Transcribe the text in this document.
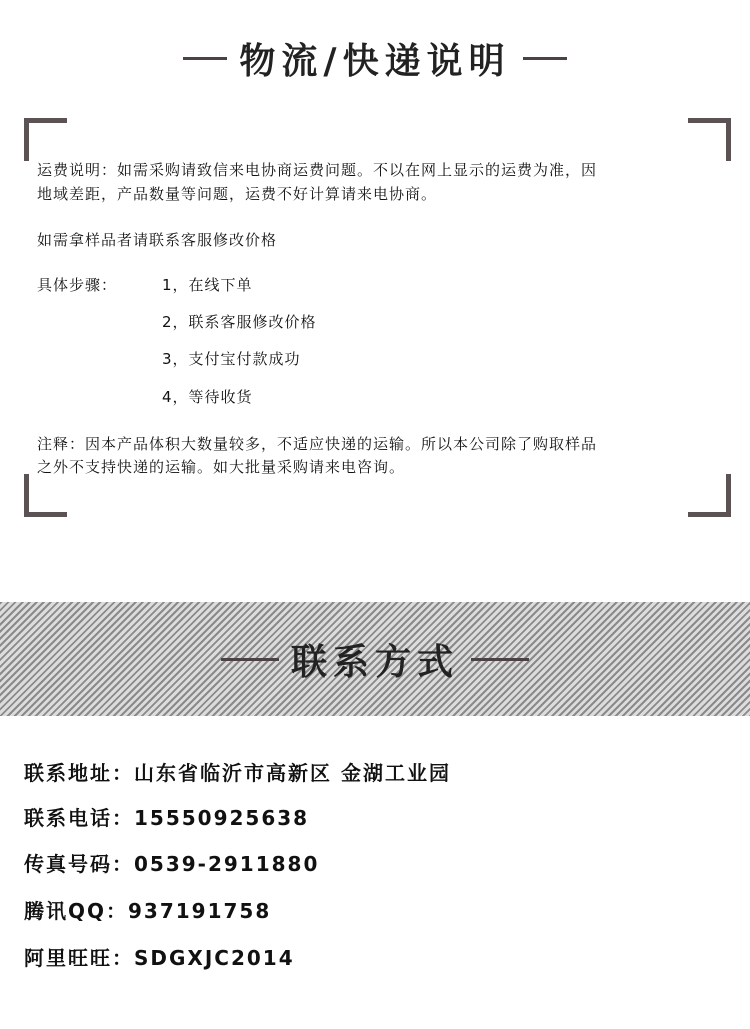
物流/快递说明
运费说明：如需采购请致信来电协商运费问题。不以在网上显示的运费为准，因
地域差距，产品数量等问题，运费不好计算请来电协商。
如需拿样品者请联系客服修改价格
具体步骤：	1，在线下单
2，联系客服修改价格
3，支付宝付款成功
4，等待收货
注释：因本产品体积大数量较多，不适应快递的运输。所以本公司除了购取样品
之外不支持快递的运输。如大批量采购请来电咨询。
联系方式
联系地址：山东省临沂市高新区 金湖工业园
联系电话：15550925638
传真号码：0539-2911880
腾讯QQ：937191758
阿里旺旺：SDGXJC2014
